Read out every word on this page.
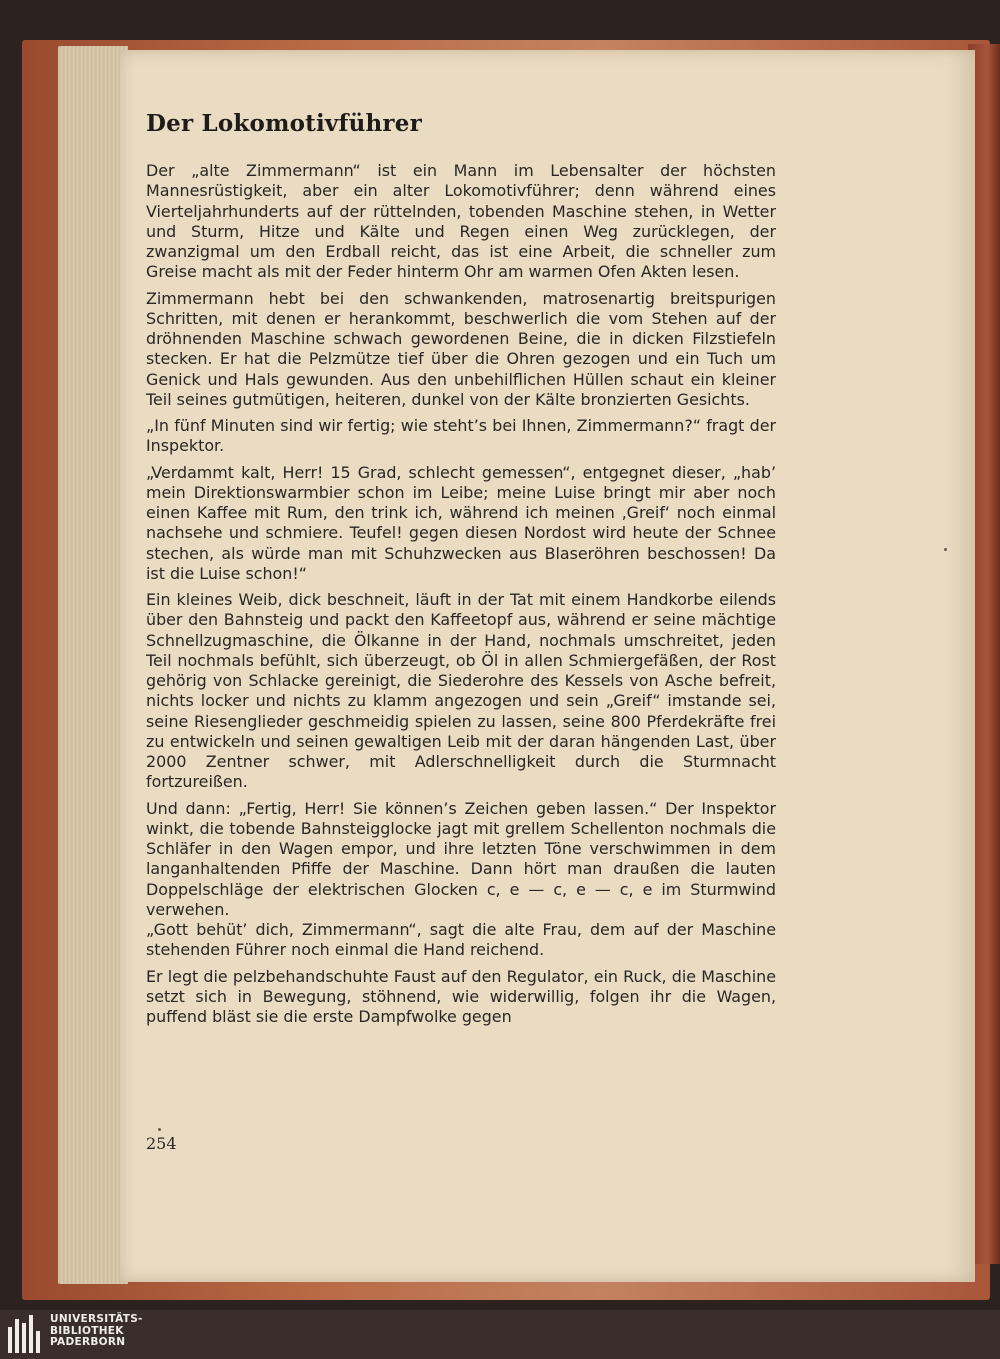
Der Lokomotivführer

Der „alte Zimmermann“ ist ein Mann im Lebensalter der höchsten Mannesrüstigkeit, aber ein alter Lokomotivführer; denn während eines Vierteljahrhunderts auf der rüttelnden, tobenden Maschine stehen, in Wetter und Sturm, Hitze und Kälte und Regen einen Weg zurücklegen, der zwanzigmal um den Erdball reicht, das ist eine Arbeit, die schneller zum Greise macht als mit der Feder hinterm Ohr am warmen Ofen Akten lesen.

Zimmermann hebt bei den schwankenden, matrosenartig breitspurigen Schritten, mit denen er herankommt, beschwerlich die vom Stehen auf der dröhnenden Maschine schwach gewordenen Beine, die in dicken Filzstiefeln stecken. Er hat die Pelzmütze tief über die Ohren gezogen und ein Tuch um Genick und Hals gewunden. Aus den unbehilflichen Hüllen schaut ein kleiner Teil seines gutmütigen, heiteren, dunkel von der Kälte bronzierten Gesichts.

„In fünf Minuten sind wir fertig; wie steht’s bei Ihnen, Zimmermann?“ fragt der Inspektor.

„Verdammt kalt, Herr! 15 Grad, schlecht gemessen“, entgegnet dieser, „hab’ mein Direktionswarmbier schon im Leibe; meine Luise bringt mir aber noch einen Kaffee mit Rum, den trink ich, während ich meinen ‚Greif‘ noch einmal nachsehe und schmiere. Teufel! gegen diesen Nordost wird heute der Schnee stechen, als würde man mit Schuhzwecken aus Blaseröhren beschossen! Da ist die Luise schon!“

Ein kleines Weib, dick beschneit, läuft in der Tat mit einem Handkorbe eilends über den Bahnsteig und packt den Kaffeetopf aus, während er seine mächtige Schnellzugmaschine, die Ölkanne in der Hand, nochmals umschreitet, jeden Teil nochmals befühlt, sich überzeugt, ob Öl in allen Schmiergefäßen, der Rost gehörig von Schlacke gereinigt, die Siederohre des Kessels von Asche befreit, nichts locker und nichts zu klamm angezogen und sein „Greif“ imstande sei, seine Riesenglieder geschmeidig spielen zu lassen, seine 800 Pferdekräfte frei zu entwickeln und seinen gewaltigen Leib mit der daran hängenden Last, über 2000 Zentner schwer, mit Adlerschnelligkeit durch die Sturmnacht fortzureißen.

Und dann: „Fertig, Herr! Sie können’s Zeichen geben lassen.“ Der Inspektor winkt, die tobende Bahnsteigglocke jagt mit grellem Schellenton nochmals die Schläfer in den Wagen empor, und ihre letzten Töne verschwimmen in dem langanhaltenden Pfiffe der Maschine. Dann hört man draußen die lauten Doppelschläge der elektrischen Glocken c, e — c, e — c, e im Sturmwind verwehen.

„Gott behüt’ dich, Zimmermann“, sagt die alte Frau, dem auf der Maschine stehenden Führer noch einmal die Hand reichend.

Er legt die pelzbehandschuhte Faust auf den Regulator, ein Ruck, die Maschine setzt sich in Bewegung, stöhnend, wie widerwillig, folgen ihr die Wagen, puffend bläst sie die erste Dampfwolke gegen

254
UNIVERSITÄTS-
BIBLIOTHEK
PADERBORN
